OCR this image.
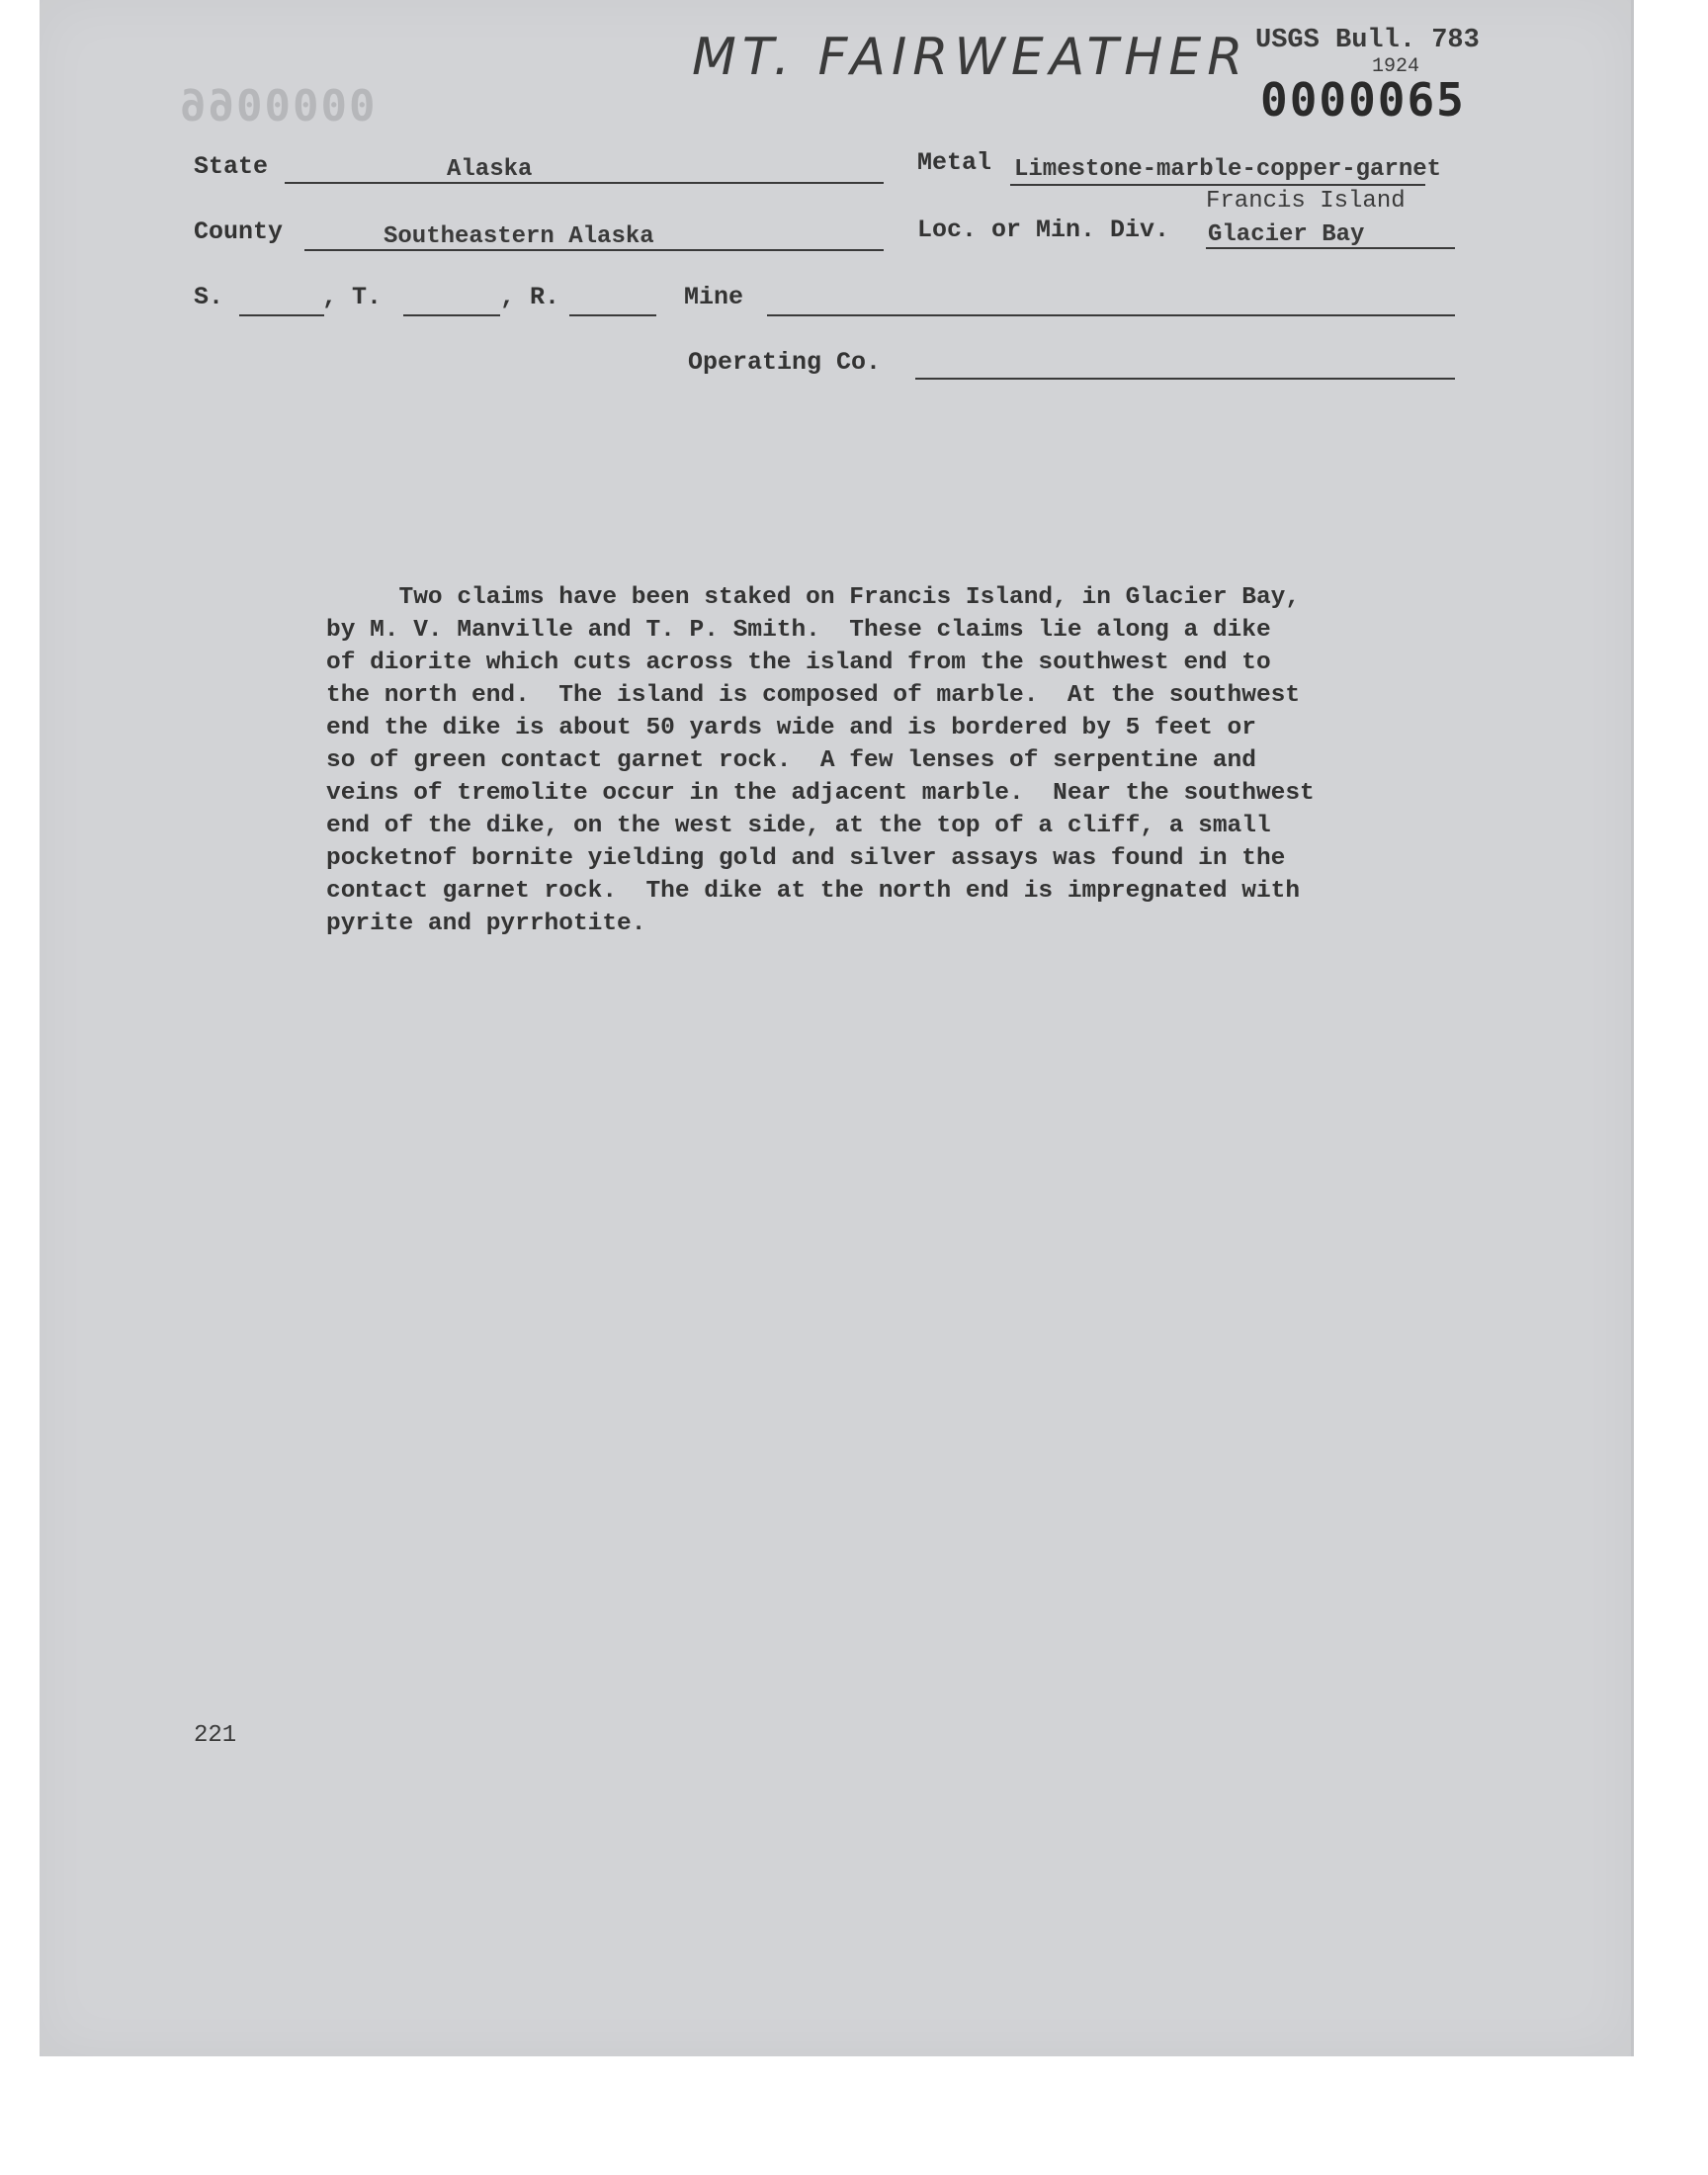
MT. FAIRWEATHER USGS Bull. 783
1924
0000065
0000066
State	Alaska	Metal Limestone-marble-copper-garnet
Francis Island
County	Southeastern Alaska	Loc. or Min. Div. Glacier Bay
S.	, T.	, R.	Mine
Operating Co.
Two claims have been staked on Francis Island, in Glacier Bay,
by M. V. Manville and T. P. Smith.  These claims lie along a dike
of diorite which cuts across the island from the southwest end to
the north end.  The island is composed of marble.  At the southwest
end the dike is about 50 yards wide and is bordered by 5 feet or
so of green contact garnet rock.  A few lenses of serpentine and
veins of tremolite occur in the adjacent marble.  Near the southwest
end of the dike, on the west side, at the top of a cliff, a small
pocketnof bornite yielding gold and silver assays was found in the
contact garnet rock.  The dike at the north end is impregnated with
pyrite and pyrrhotite.
221
